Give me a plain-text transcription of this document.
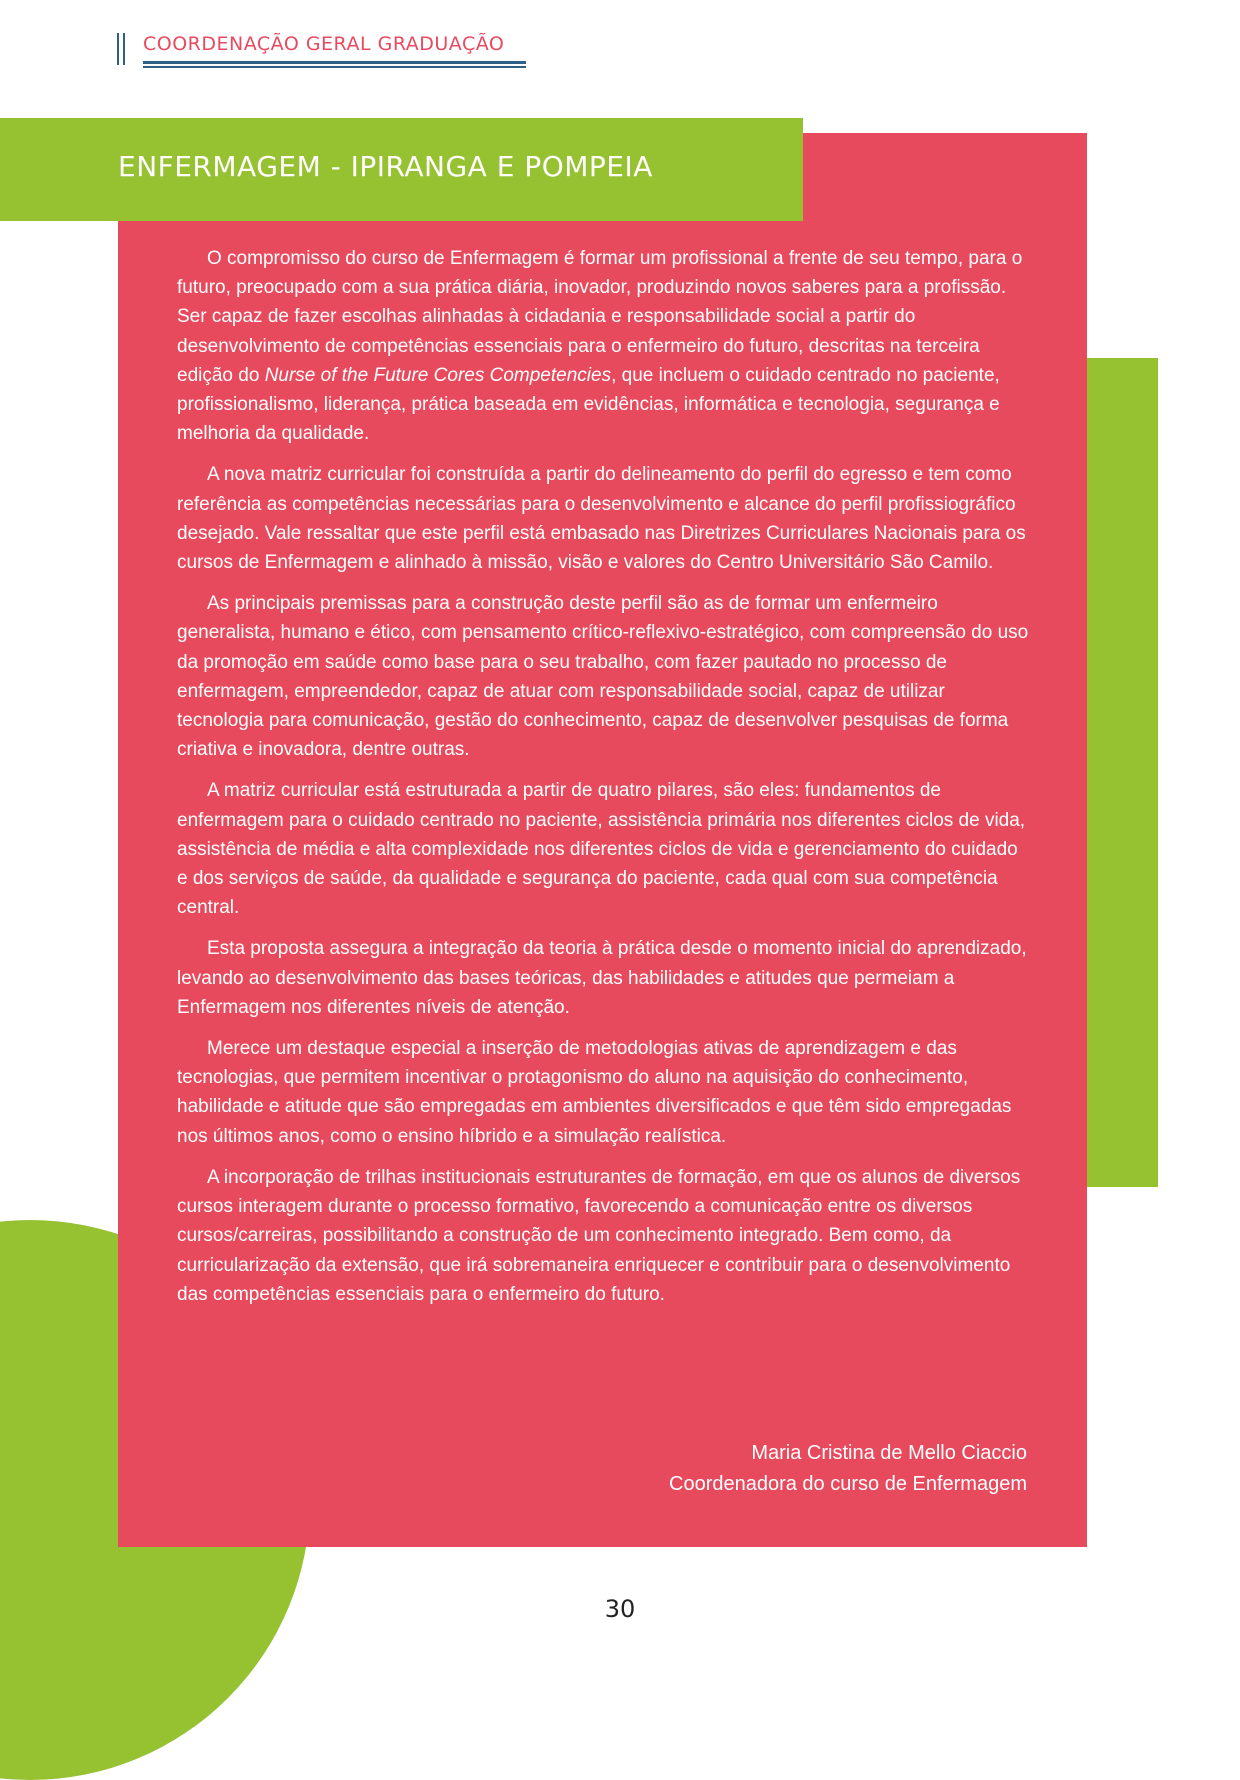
COORDENAÇÃO GERAL GRADUAÇÃO
ENFERMAGEM - IPIRANGA E POMPEIA

O compromisso do curso de Enfermagem é formar um profissional a frente de seu tempo, para o futuro, preocupado com a sua prática diária, inovador, produzindo novos saberes para a profissão. Ser capaz de fazer escolhas alinhadas à cidadania e responsabilidade social a partir do desenvolvimento de competências essenciais para o enfermeiro do futuro, descritas na terceira edição do Nurse of the Future Cores Competencies, que incluem o cuidado centrado no paciente, profissionalismo, liderança, prática baseada em evidências, informática e tecnologia, segurança e melhoria da qualidade.

A nova matriz curricular foi construída a partir do delineamento do perfil do egresso e tem como referência as competências necessárias para o desenvolvimento e alcance do perfil profissiográfico desejado. Vale ressaltar que este perfil está embasado nas Diretrizes Curriculares Nacionais para os cursos de Enfermagem e alinhado à missão, visão e valores do Centro Universitário São Camilo.

As principais premissas para a construção deste perfil são as de formar um enfermeiro generalista, humano e ético, com pensamento crítico-reflexivo-estratégico, com compreensão do uso da promoção em saúde como base para o seu trabalho, com fazer pautado no processo de enfermagem, empreendedor, capaz de atuar com responsabilidade social, capaz de utilizar tecnologia para comunicação, gestão do conhecimento, capaz de desenvolver pesquisas de forma criativa e inovadora, dentre outras.

A matriz curricular está estruturada a partir de quatro pilares, são eles: fundamentos de enfermagem para o cuidado centrado no paciente, assistência primária nos diferentes ciclos de vida, assistência de média e alta complexidade nos diferentes ciclos de vida e gerenciamento do cuidado e dos serviços de saúde, da qualidade e segurança do paciente, cada qual com sua competência central.

Esta proposta assegura a integração da teoria à prática desde o momento inicial do aprendizado, levando ao desenvolvimento das bases teóricas, das habilidades e atitudes que permeiam a Enfermagem nos diferentes níveis de atenção.

Merece um destaque especial a inserção de metodologias ativas de aprendizagem e das tecnologias, que permitem incentivar o protagonismo do aluno na aquisição do conhecimento, habilidade e atitude que são empregadas em ambientes diversificados e que têm sido empregadas nos últimos anos, como o ensino híbrido e a simulação realística.

A incorporação de trilhas institucionais estruturantes de formação, em que os alunos de diversos cursos interagem durante o processo formativo, favorecendo a comunicação entre os diversos cursos/carreiras, possibilitando a construção de um conhecimento integrado. Bem como, da curricularização da extensão, que irá sobremaneira enriquecer e contribuir para o desenvolvimento das competências essenciais para o enfermeiro do futuro.

Maria Cristina de Mello Ciaccio
Coordenadora do curso de Enfermagem
30
